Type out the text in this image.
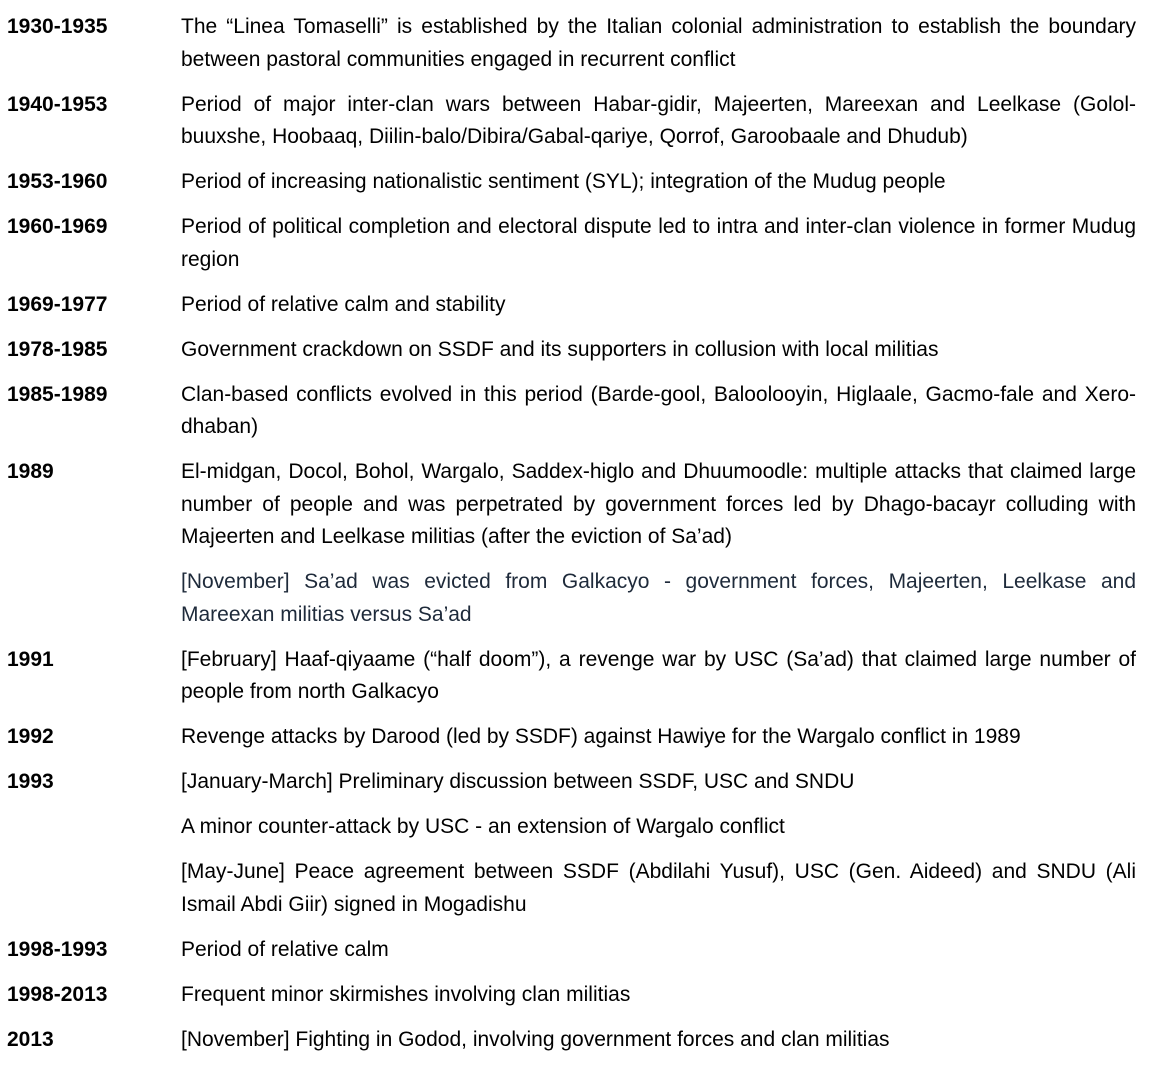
1930-1935	The “Linea Tomaselli” is established by the Italian colonial administration to establish the boundary between pastoral communities engaged in recurrent conflict

1940-1953	Period of major inter-clan wars between Habar-gidir, Majeerten, Mareexan and Leelkase (Golol-buuxshe, Hoobaaq, Diilin-balo/Dibira/Gabal-qariye, Qorrof, Garoobaale and Dhudub)

1953-1960	Period of increasing nationalistic sentiment (SYL); integration of the Mudug people

1960-1969	Period of political completion and electoral dispute led to intra and inter-clan violence in former Mudug region

1969-1977	Period of relative calm and stability

1978-1985	Government crackdown on SSDF and its supporters in collusion with local militias

1985-1989	Clan-based conflicts evolved in this period (Barde-gool, Baloolooyin, Higlaale, Gacmo-fale and Xero-dhaban)

1989	El-midgan, Docol, Bohol, Wargalo, Saddex-higlo and Dhuumoodle: multiple attacks that claimed large number of people and was perpetrated by government forces led by Dhago-bacayr colluding with Majeerten and Leelkase militias (after the eviction of Sa’ad)

[November] Sa’ad was evicted from Galkacyo - government forces, Majeerten, Leelkase and Mareexan militias versus Sa’ad

1991	[February] Haaf-qiyaame (“half doom”), a revenge war by USC (Sa’ad) that claimed large number of people from north Galkacyo

1992	Revenge attacks by Darood (led by SSDF) against Hawiye for the Wargalo conflict in 1989

1993	[January-March] Preliminary discussion between SSDF, USC and SNDU

A minor counter-attack by USC - an extension of Wargalo conflict

[May-June] Peace agreement between SSDF (Abdilahi Yusuf), USC (Gen. Aideed) and SNDU (Ali Ismail Abdi Giir) signed in Mogadishu

1998-1993	Period of relative calm

1998-2013	Frequent minor skirmishes involving clan militias

2013	[November] Fighting in Godod, involving government forces and clan militias
